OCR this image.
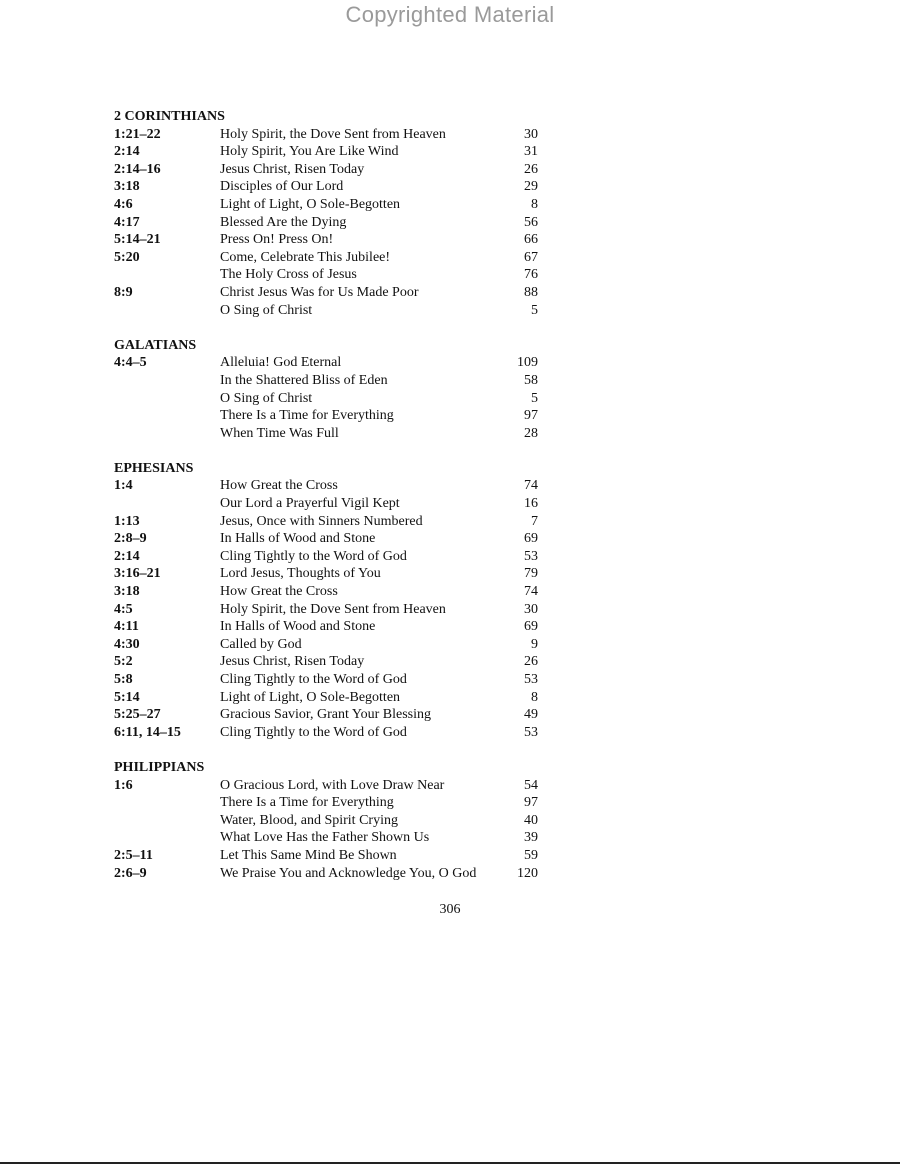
Copyrighted Material
2 CORINTHIANS
1:21–22	Holy Spirit, the Dove Sent from Heaven	30
2:14	Holy Spirit, You Are Like Wind	31
2:14–16	Jesus Christ, Risen Today	26
3:18	Disciples of Our Lord	29
4:6	Light of Light, O Sole-Begotten	8
4:17	Blessed Are the Dying	56
5:14–21	Press On! Press On!	66
5:20	Come, Celebrate This Jubilee!	67
The Holy Cross of Jesus	76
8:9	Christ Jesus Was for Us Made Poor	88
O Sing of Christ	5
GALATIANS
4:4–5	Alleluia! God Eternal	109
In the Shattered Bliss of Eden	58
O Sing of Christ	5
There Is a Time for Everything	97
When Time Was Full	28
EPHESIANS
1:4	How Great the Cross	74
Our Lord a Prayerful Vigil Kept	16
1:13	Jesus, Once with Sinners Numbered	7
2:8–9	In Halls of Wood and Stone	69
2:14	Cling Tightly to the Word of God	53
3:16–21	Lord Jesus, Thoughts of You	79
3:18	How Great the Cross	74
4:5	Holy Spirit, the Dove Sent from Heaven	30
4:11	In Halls of Wood and Stone	69
4:30	Called by God	9
5:2	Jesus Christ, Risen Today	26
5:8	Cling Tightly to the Word of God	53
5:14	Light of Light, O Sole-Begotten	8
5:25–27	Gracious Savior, Grant Your Blessing	49
6:11, 14–15	Cling Tightly to the Word of God	53
PHILIPPIANS
1:6	O Gracious Lord, with Love Draw Near	54
There Is a Time for Everything	97
Water, Blood, and Spirit Crying	40
What Love Has the Father Shown Us	39
2:5–11	Let This Same Mind Be Shown	59
2:6–9	We Praise You and Acknowledge You, O God	120
306
